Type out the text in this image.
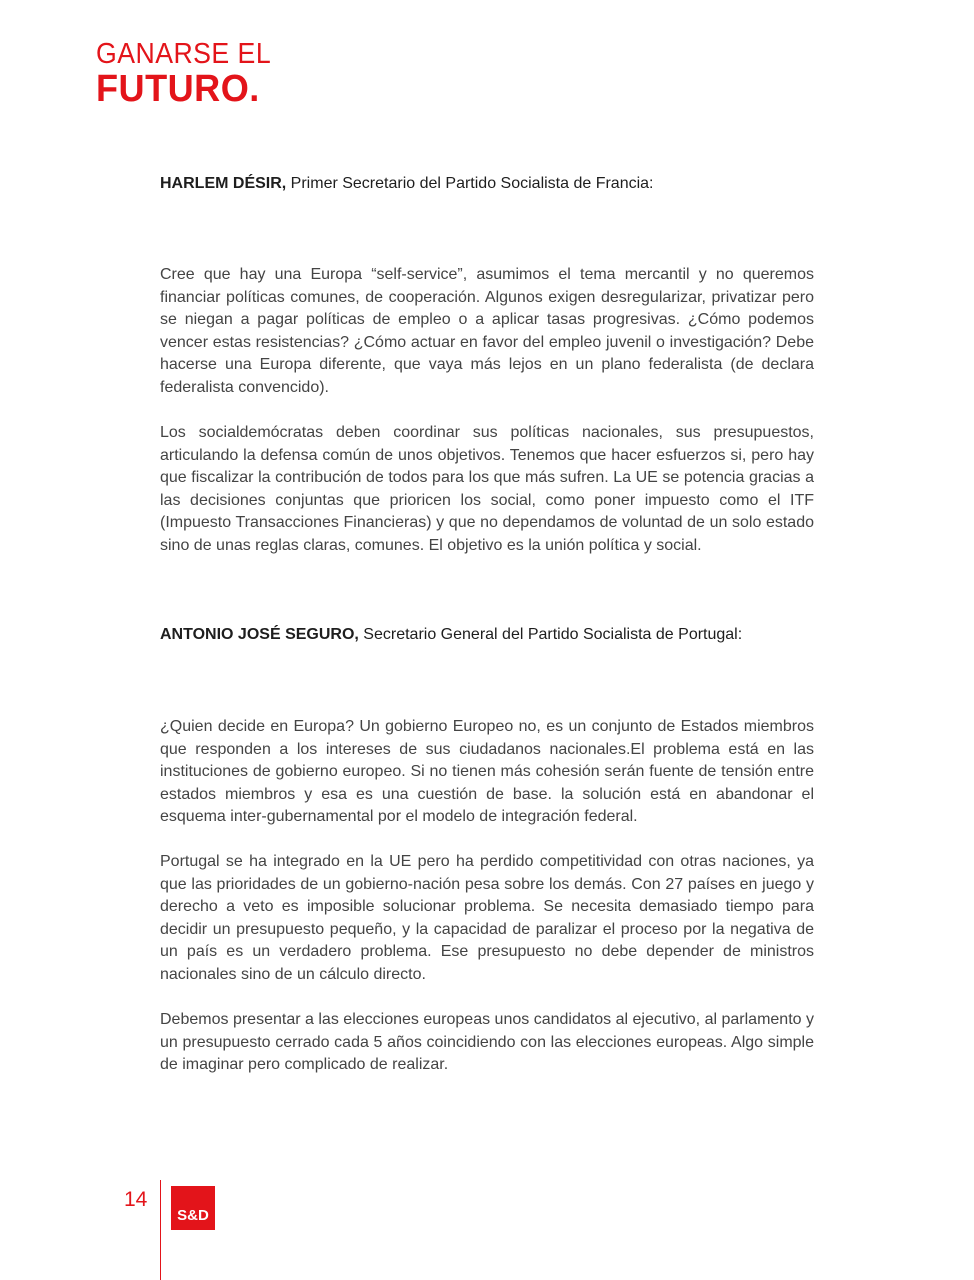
GANARSE EL
FUTURO.
HARLEM DÉSIR, Primer Secretario del Partido Socialista de Francia:

Cree que hay una Europa “self-service”, asumimos el tema mercantil y no queremos financiar políticas comunes, de cooperación. Algunos exigen desregularizar, privatizar pero se niegan a pagar políticas de empleo o a aplicar tasas progresivas. ¿Cómo podemos vencer estas resistencias? ¿Cómo actuar en favor del empleo juvenil o investigación? Debe hacerse una Europa diferente, que vaya más lejos en un plano federalista (de declara federalista convencido).

Los socialdemócratas deben coordinar sus políticas nacionales, sus presupuestos, articulando la defensa común de unos objetivos. Tenemos que hacer esfuerzos si, pero hay que fiscalizar la contribución de todos para los que más sufren. La UE se potencia gracias a las decisiones conjuntas que prioricen los social, como poner impuesto como el ITF (Impuesto Transacciones Financieras) y que no dependamos de voluntad de un solo estado sino de unas reglas claras, comunes. El objetivo es la unión política y social.

ANTONIO JOSÉ SEGURO, Secretario General del Partido Socialista de Portugal:

¿Quien decide en Europa? Un gobierno Europeo no, es un conjunto de Estados miembros que responden a los intereses de sus ciudadanos nacionales.El problema está en las instituciones de gobierno europeo. Si no tienen más cohesión serán fuente de tensión entre estados miembros y esa es una cuestión de base. la solución está en abandonar el esquema inter-gubernamental por el modelo de integración federal.

Portugal se ha integrado en la UE pero ha perdido competitividad con otras naciones, ya que las prioridades de un gobierno-nación pesa sobre los demás. Con 27 países en juego y derecho a veto es imposible solucionar problema. Se necesita demasiado tiempo para decidir un presupuesto pequeño, y la capacidad de paralizar el proceso por la negativa de un país es un verdadero problema. Ese presupuesto no debe depender de ministros nacionales sino de un cálculo directo.

Debemos presentar a las elecciones europeas unos candidatos al ejecutivo, al parlamento y un presupuesto cerrado cada 5 años coincidiendo con las elecciones europeas. Algo simple de imaginar pero complicado de realizar.

14
S&D
